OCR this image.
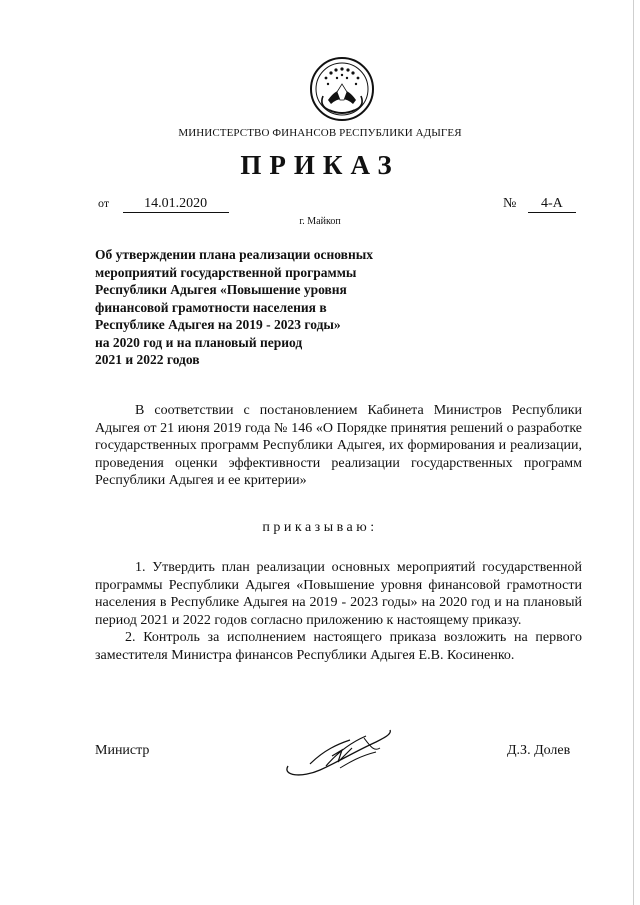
МИНИСТЕРСТВО ФИНАНСОВ РЕСПУБЛИКИ АДЫГЕЯ
ПРИКАЗ
от	14.01.2020	№ 4-А
г. Майкоп
Об утверждении плана реализации основных
мероприятий государственной программы
Республики Адыгея «Повышение уровня
финансовой грамотности населения в
Республике Адыгея на 2019 - 2023 годы»
на 2020 год и на плановый период
2021 и 2022 годов
В соответствии с постановлением Кабинета Министров Республики Адыгея от 21 июня 2019 года № 146 «О Порядке принятия решений о разработке государственных программ Республики Адыгея, их формирования и реализации, проведения оценки эффективности реализации государственных программ Республики Адыгея и ее критерии»
приказываю:
1. Утвердить план реализации основных мероприятий государственной программы Республики Адыгея «Повышение уровня финансовой грамотности населения в Республике Адыгея на 2019 - 2023 годы» на 2020 год и на плановый период 2021 и 2022 годов согласно приложению к настоящему приказу.
2. Контроль за исполнением настоящего приказа возложить на первого заместителя Министра финансов Республики Адыгея Е.В. Косиненко.
Министр	Д.З. Долев
